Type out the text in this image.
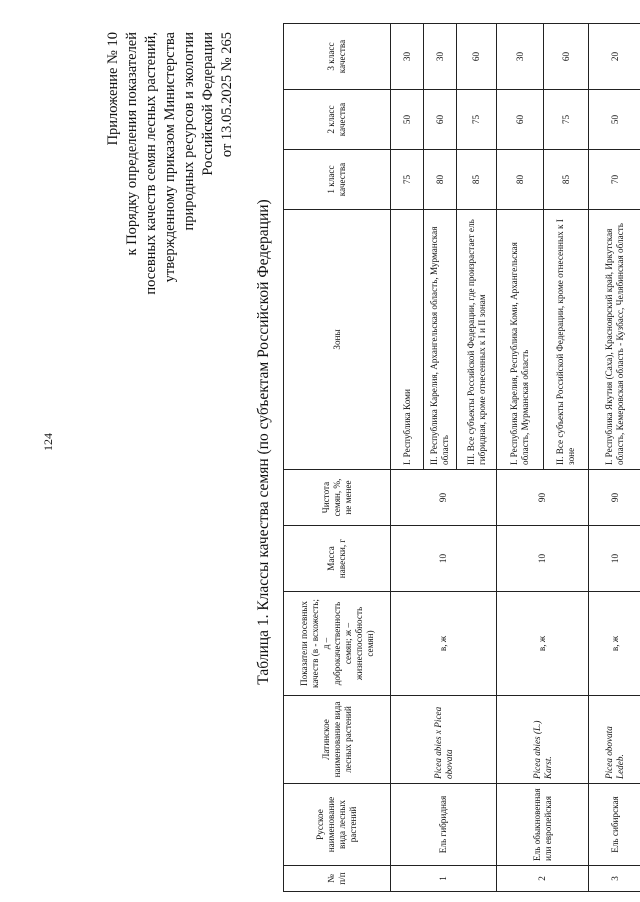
124
Приложение № 10 к Порядку определения показателей посевных качеств семян лесных растений, утвержденному приказом Министерства природных ресурсов и экологии Российской Федерации от 13.05.2025 № 265
Таблица 1. Классы качества семян (по субъектам Российской Федерации)
№ п/п	Русское наименование вида лесных растений	Латинское наименование вида лесных растений	Показатели посевных качеств (в - всхожесть; д – доброкачественность семян; ж – жизнеспособность семян)	Масса навески, г	Чистота семян, %, не менее	Зоны	1 класс качества	2 класс качества	3 класс качества
1	Ель гибридная	Picea abies x Picea obovata	в, ж	10	90	I. Республика Коми	75	50	30
						II. Республика Карелия, Архангельская область, Мурманская область	80	60	30
						III. Все субъекты Российской Федерации, где произрастает ель гибридная, кроме отнесенных к I и II зонам	85	75	60
2	Ель обыкновенная или европейская	Picea abies (L.) Karst.	в, ж	10	90	I. Республика Карелия, Республика Коми, Архангельская область, Мурманская область	80	60	30
						II. Все субъекты Российской Федерации, кроме отнесенных к I зоне	85	75	60
3	Ель сибирская	Picea obovata Ledeb.	в, ж	10	90	I. Республика Якутия (Саха), Красноярский край, Иркутская область, Кемеровская область - Кузбасс, Челябинская область	70	50	20
